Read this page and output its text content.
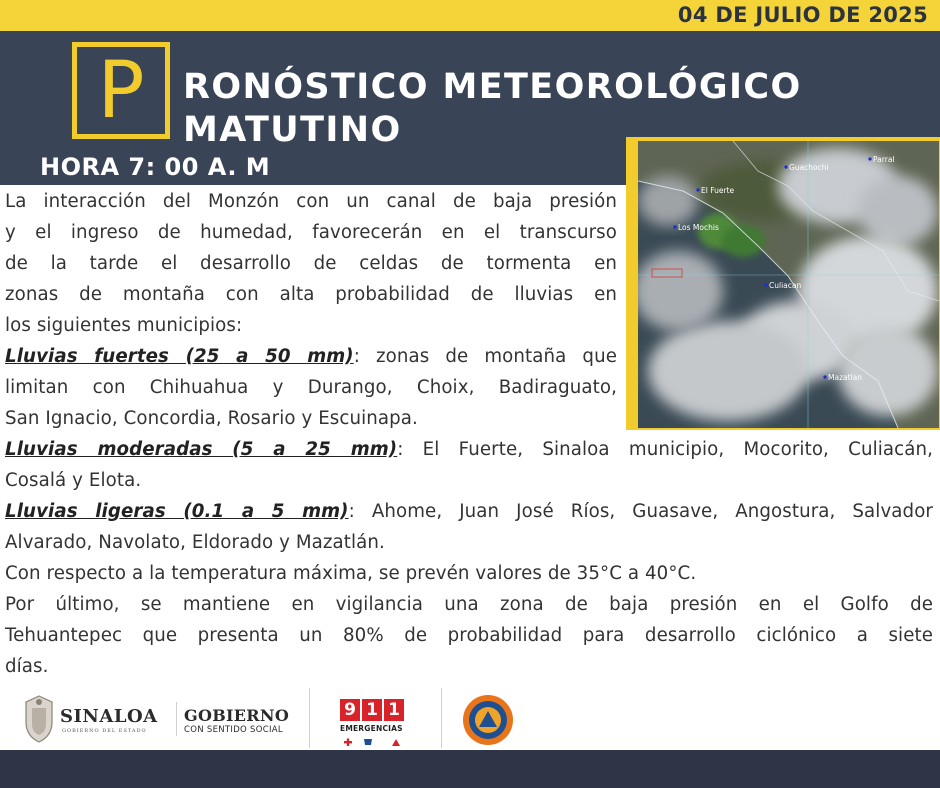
04 DE JULIO DE 2025
P	RONÓSTICO METEOROLÓGICO
MATUTINO
HORA 7: 00 A. M	Guachochi
Parral
El Fuerte
Los Mochis
Culiacan
Mazatlan
La interacción del Monzón con un canal de baja presión
y el ingreso de humedad, favorecerán en el transcurso
de la tarde el desarrollo de celdas de tormenta en
zonas de montaña con alta probabilidad de lluvias en
los siguientes municipios:
Lluvias fuertes (25 a 50 mm): zonas de montaña que
limitan con Chihuahua y Durango, Choix, Badiraguato,
San Ignacio, Concordia, Rosario y Escuinapa.
Lluvias moderadas (5 a 25 mm): El Fuerte, Sinaloa municipio, Mocorito, Culiacán,
Cosalá y Elota.
Lluvias ligeras (0.1 a 5 mm): Ahome, Juan José Ríos, Guasave, Angostura, Salvador
Alvarado, Navolato, Eldorado y Mazatlán.
Con respecto a la temperatura máxima, se prevén valores de 35°C a 40°C.
Por último, se mantiene en vigilancia una zona de baja presión en el Golfo de
Tehuantepec que presenta un 80% de probabilidad para desarrollo ciclónico a siete
días.
SINALOA
GOBIERNO DEL ESTADO
GOBIERNO
CON SENTIDO SOCIAL
9 1 1
EMERGENCIAS
